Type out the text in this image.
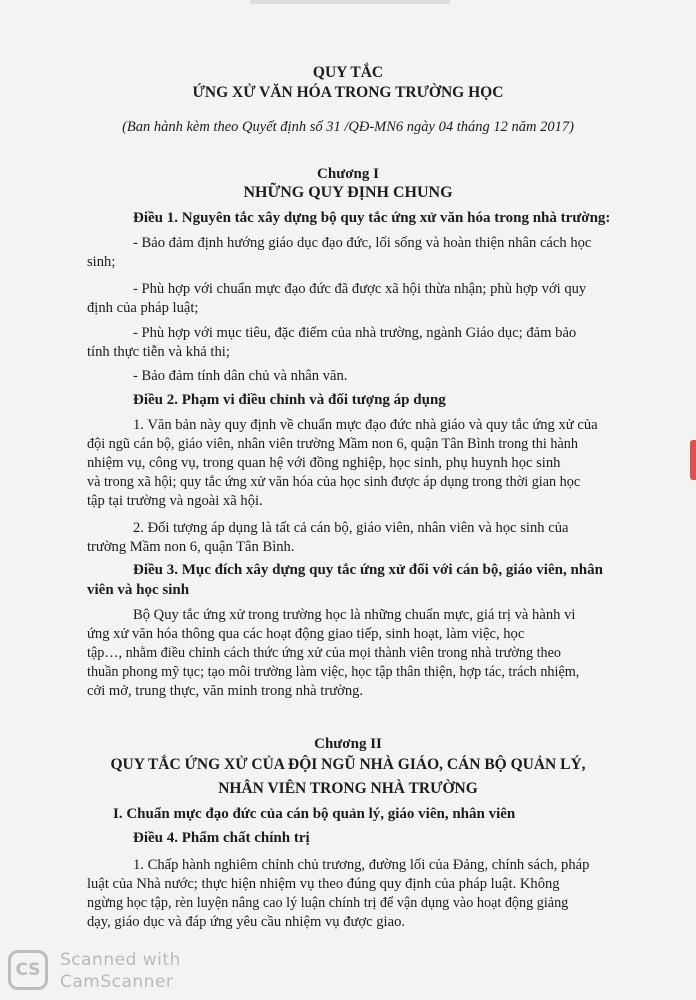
QUY TẮC
ỨNG XỬ VĂN HÓA TRONG TRƯỜNG HỌC
(Ban hành kèm theo Quyết định số 31 /QĐ-MN6 ngày 04 tháng 12 năm 2017)
Chương I
NHỮNG QUY ĐỊNH CHUNG
Điều 1. Nguyên tắc xây dựng bộ quy tắc ứng xử văn hóa trong nhà trường:
- Bảo đảm định hướng giáo dục đạo đức, lối sống và hoàn thiện nhân cách học
sinh;
- Phù hợp với chuẩn mực đạo đức đã được xã hội thừa nhận; phù hợp với quy
định của pháp luật;
- Phù hợp với mục tiêu, đặc điểm của nhà trường, ngành Giáo dục; đảm bảo
tính thực tiễn và khả thi;
- Bảo đảm tính dân chủ và nhân văn.
Điều 2. Phạm vi điều chỉnh và đối tượng áp dụng
1. Văn bản này quy định về chuẩn mực đạo đức nhà giáo và quy tắc ứng xử của
đội ngũ cán bộ, giáo viên, nhân viên trường Mầm non 6, quận Tân Bình trong thi hành
nhiệm vụ, công vụ, trong quan hệ với đồng nghiệp, học sinh, phụ huynh học sinh
và trong xã hội; quy tắc ứng xử văn hóa của học sinh được áp dụng trong thời gian học
tập tại trường và ngoài xã hội.
2. Đối tượng áp dụng là tất cả cán bộ, giáo viên, nhân viên và học sinh của
trường Mầm non 6, quận Tân Bình.
Điều 3. Mục đích xây dựng quy tắc ứng xử đối với cán bộ, giáo viên, nhân
viên và học sinh
Bộ Quy tắc ứng xử trong trường học là những chuẩn mực, giá trị và hành vi
ứng xử văn hóa thông qua các hoạt động giao tiếp, sinh hoạt, làm việc, học
tập…, nhằm điều chỉnh cách thức ứng xử của mọi thành viên trong nhà trường theo
thuần phong mỹ tục; tạo môi trường làm việc, học tập thân thiện, hợp tác, trách nhiệm,
cởi mở, trung thực, văn minh trong nhà trường.
Chương II
QUY TẮC ỨNG XỬ CỦA ĐỘI NGŨ NHÀ GIÁO, CÁN BỘ QUẢN LÝ,
NHÂN VIÊN TRONG NHÀ TRƯỜNG
I. Chuẩn mực đạo đức của cán bộ quản lý, giáo viên, nhân viên
Điều 4. Phẩm chất chính trị
1. Chấp hành nghiêm chỉnh chủ trương, đường lối của Đảng, chính sách, pháp
luật của Nhà nước; thực hiện nhiệm vụ theo đúng quy định của pháp luật. Không
ngừng học tập, rèn luyện nâng cao lý luận chính trị để vận dụng vào hoạt động giảng
dạy, giáo dục và đáp ứng yêu cầu nhiệm vụ được giao.
CS	Scanned with
CamScanner
